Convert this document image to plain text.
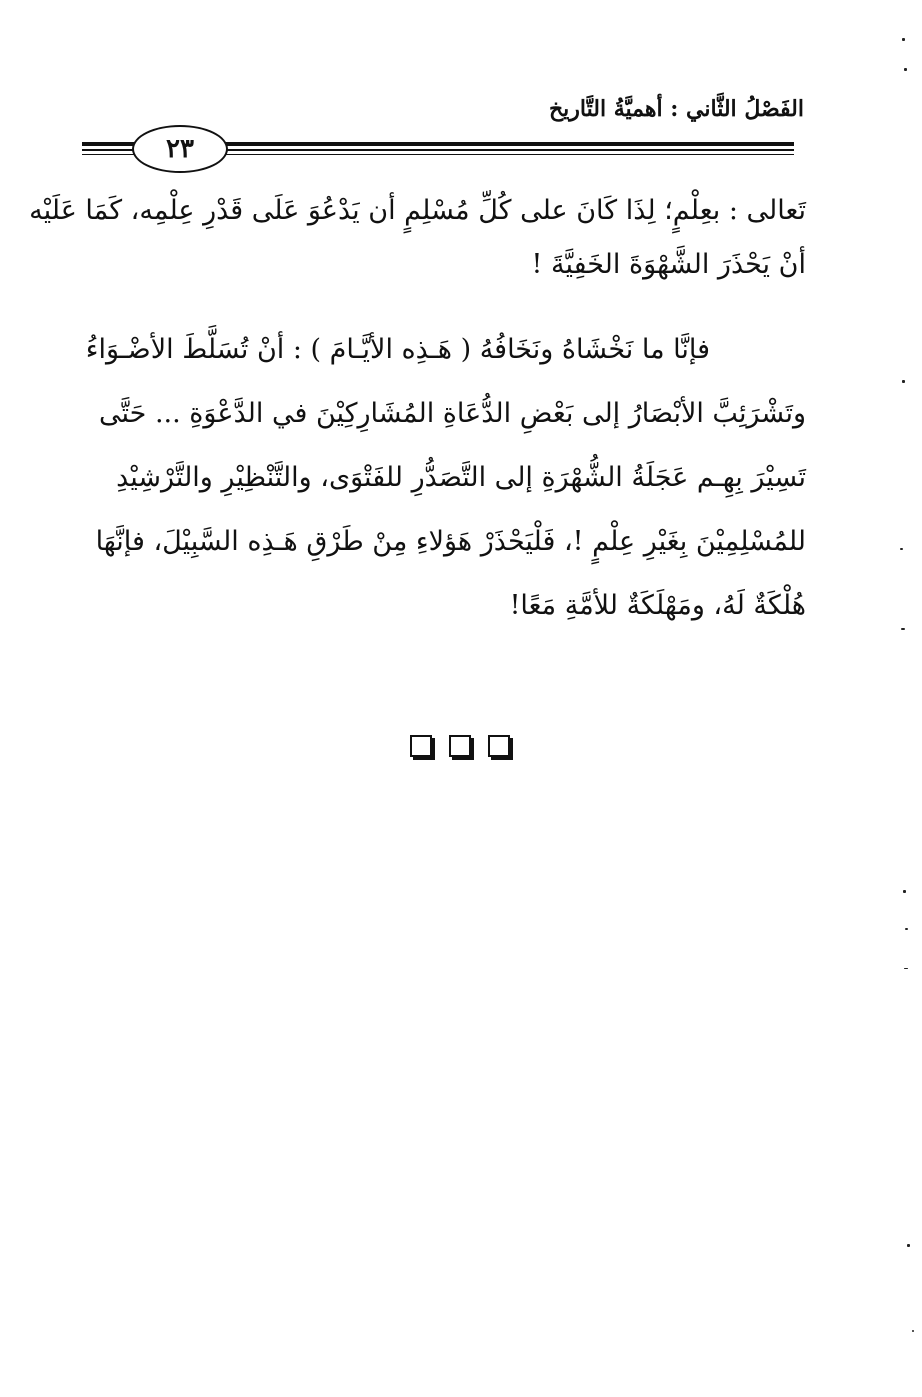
الفَصْلُ الثَّاني : أهميَّةُ التَّاريخ
٢٣
تَعالى : بعِلْمٍ؛ لِذَا كَانَ على كُلِّ مُسْلِمٍ أن يَدْعُوَ عَلَى قَدْرِ عِلْمِه، كَمَا عَلَيْه
أنْ يَحْذَرَ الشَّهْوَةَ الخَفِيَّةَ !
فإنَّا ما نَخْشَاهُ ونَخَافُهُ ( هَـذِه الأيَّـامَ ) : أنْ تُسَلَّطَ الأضْـوَاءُ
وتَشْرَئِبَّ الأبْصَارُ إلى بَعْضِ الدُّعَاةِ المُشَارِكِيْنَ في الدَّعْوَةِ ... حَتَّى
تَسِيْرَ بِهِـم عَجَلَةُ الشُّهْرَةِ إلى التَّصَدُّرِ للفَتْوَى، والتَّنْظِيْرِ والتَّرْشِيْدِ
للمُسْلِمِيْنَ بِغَيْرِ عِلْمٍ !، فَلْيَحْذَرْ هَؤلاءِ مِنْ طَرْقِ هَـذِه السَّبِيْلَ، فإنَّهَا
هُلْكَةٌ لَهُ، ومَهْلَكَةٌ للأمَّةِ مَعًا!
